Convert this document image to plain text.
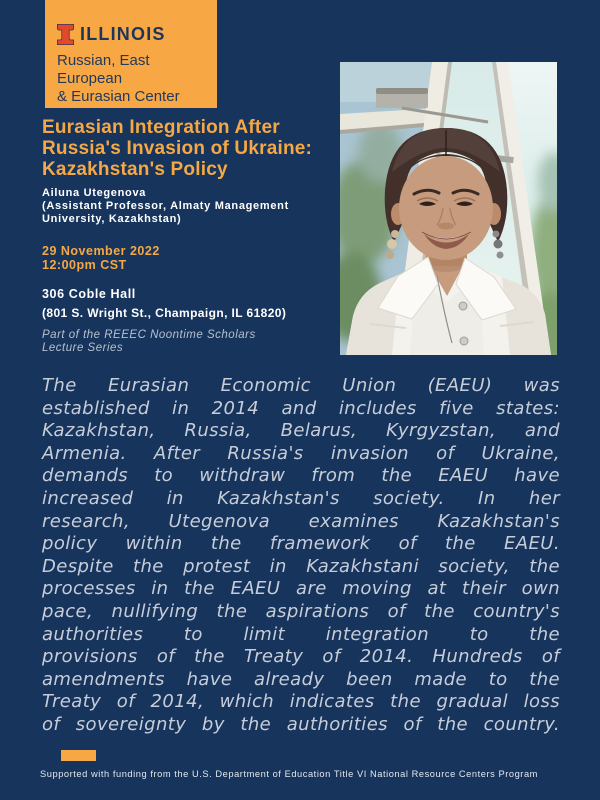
ILLINOIS
Russian, East European
& Eurasian Center
Eurasian Integration After
Russia's Invasion of Ukraine:
Kazakhstan's Policy
Ailuna Utegenova
(Assistant Professor, Almaty Management University, Kazakhstan)
29 November 2022
12:00pm CST
306 Coble Hall
(801 S. Wright St., Champaign, IL 61820)
Part of the REEEC Noontime Scholars Lecture Series
The Eurasian Economic Union (EAEU) was
established in 2014 and includes five states:
Kazakhstan, Russia, Belarus, Kyrgyzstan, and
Armenia. After Russia's invasion of Ukraine,
demands to withdraw from the EAEU have
increased in Kazakhstan's society. In her
research, Utegenova examines Kazakhstan's
policy within the framework of the EAEU.
Despite the protest in Kazakhstani society, the
processes in the EAEU are moving at their own
pace, nullifying the aspirations of the country's
authorities to limit integration to the
provisions of the Treaty of 2014. Hundreds of
amendments have already been made to the
Treaty of 2014, which indicates the gradual loss
of sovereignty by the authorities of the country.
Supported with funding from the U.S. Department of Education Title VI National Resource Centers Program
